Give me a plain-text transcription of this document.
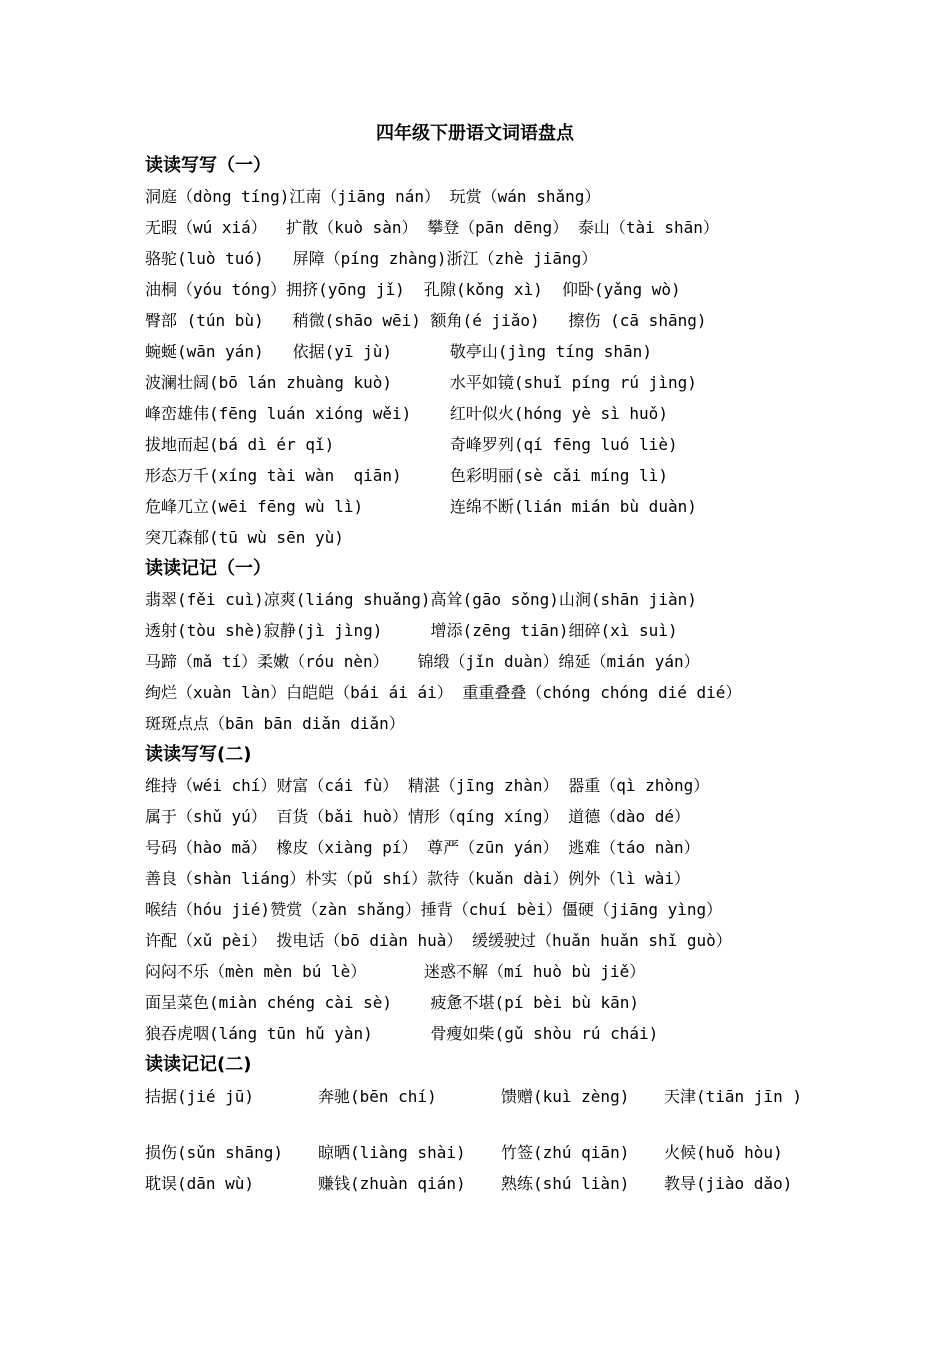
四年级下册语文词语盘点
读读写写（一）
洞庭（dòng tíng)江南（jiāng nán） 玩赏（wán shǎng）
无暇（wú xiá）  扩散（kuò sàn） 攀登（pān dēng） 泰山（tài shān）
骆驼(luò tuó)   屏障（píng zhàng)浙江（zhè jiāng）
油桐（yóu tóng）拥挤(yōng jǐ)  孔隙(kǒng xì)  仰卧(yǎng wò)
臀部 (tún bù)   稍微(shāo wēi) 额角(é jiǎo)   擦伤 (cā shāng)
蜿蜒(wān yán)   依据(yī jù)      敬亭山(jìng tíng shān)
波澜壮阔(bō lán zhuàng kuò)      水平如镜(shuǐ píng rú jìng)
峰峦雄伟(fēng luán xióng wěi)    红叶似火(hóng yè sì huǒ)
拔地而起(bá dì ér qǐ)            奇峰罗列(qí fēng luó liè)
形态万千(xíng tài wàn  qiān)     色彩明丽(sè cǎi míng lì)
危峰兀立(wēi fēng wù lì)         连绵不断(lián mián bù duàn)
突兀森郁(tū wù sēn yù)
读读记记（一）
翡翠(fěi cuì)凉爽(liáng shuǎng)高耸(gāo sǒng)山涧(shān jiàn)
透射(tòu shè)寂静(jì jìng)     增添(zēng tiān)细碎(xì suì)
马蹄（mǎ tí）柔嫩（róu nèn）   锦缎（jǐn duàn）绵延（mián yán）
绚烂（xuàn làn）白皑皑（bái ái ái） 重重叠叠（chóng chóng dié dié）
斑斑点点（bān bān diǎn diǎn）
读读写写(二)
维持（wéi chí）财富（cái fù） 精湛（jīng zhàn） 器重（qì zhòng）
属于（shǔ yú） 百货（bǎi huò）情形（qíng xíng） 道德（dào dé）
号码（hào mǎ） 橡皮（xiàng pí） 尊严（zūn yán） 逃难（táo nàn）
善良（shàn liáng）朴实（pǔ shí）款待（kuǎn dài）例外（lì wài）
喉结（hóu jié)赞赏（zàn shǎng）捶背（chuí bèi）僵硬（jiāng yìng）
许配（xǔ pèi） 拨电话（bō diàn huà） 缓缓驶过（huǎn huǎn shǐ guò）
闷闷不乐（mèn mèn bú lè）      迷惑不解（mí huò bù jiě）
面呈菜色(miàn chéng cài sè)    疲惫不堪(pí bèi bù kān)
狼吞虎咽(láng tūn hǔ yàn)      骨瘦如柴(gǔ shòu rú chái)
读读记记(二)
拮据(jié jū)	奔驰(bēn chí)	馈赠(kuì zèng)	天津(tiān jīn )
损伤(sǔn shāng)	晾晒(liàng shài)	竹签(zhú qiān)	火候(huǒ hòu)
耽误(dān wù)	赚钱(zhuàn qián)	熟练(shú liàn)	教导(jiào dǎo)
